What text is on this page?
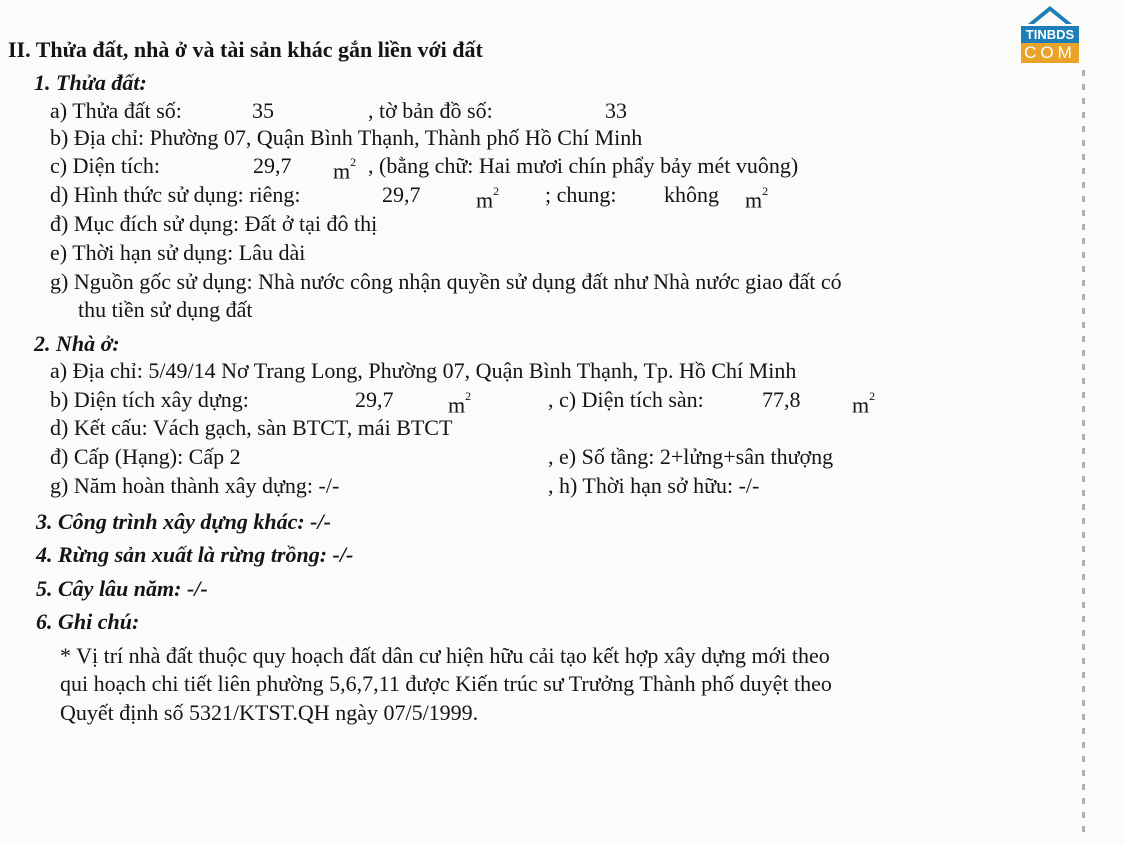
TINBDS
COM
II. Thửa đất, nhà ở và tài sản khác gắn liền với đất
1. Thửa đất:
a) Thửa đất số:	35	, tờ bản đồ số:	33
b) Địa chỉ: Phường 07, Quận Bình Thạnh, Thành phố Hồ Chí Minh
c) Diện tích:	29,7 $m^2$ , (bằng chữ: Hai mươi chín phẩy bảy mét vuông)
d) Hình thức sử dụng: riêng:	29,7	$m^2$ ; chung: không $m^2$
đ) Mục đích sử dụng: Đất ở tại đô thị
e) Thời hạn sử dụng: Lâu dài
g) Nguồn gốc sử dụng: Nhà nước công nhận quyền sử dụng đất như Nhà nước giao đất có
thu tiền sử dụng đất
2. Nhà ở:
a) Địa chỉ: 5/49/14 Nơ Trang Long, Phường 07, Quận Bình Thạnh, Tp. Hồ Chí Minh
b) Diện tích xây dựng:	29,7 $m^2$	, c) Diện tích sàn:	77,8 $m^2$
d) Kết cấu: Vách gạch, sàn BTCT, mái BTCT
đ) Cấp (Hạng): Cấp 2	, e) Số tầng: 2+lửng+sân thượng
g) Năm hoàn thành xây dựng: -/-	, h) Thời hạn sở hữu: -/-
3. Công trình xây dựng khác: -/-
4. Rừng sản xuất là rừng trồng: -/-
5. Cây lâu năm: -/-
6. Ghi chú:
* Vị trí nhà đất thuộc quy hoạch đất dân cư hiện hữu cải tạo kết hợp xây dựng mới theo
qui hoạch chi tiết liên phường 5,6,7,11 được Kiến trúc sư Trưởng Thành phố duyệt theo
Quyết định số 5321/KTST.QH ngày 07/5/1999.
